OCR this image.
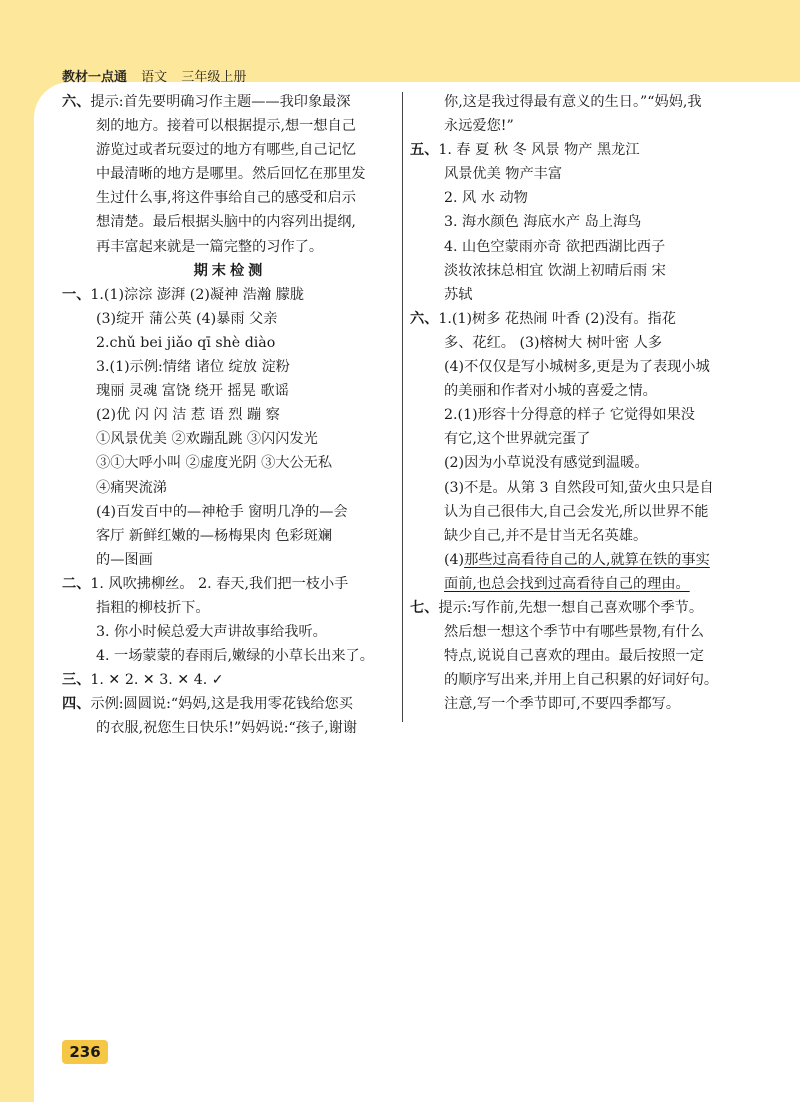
教材一点通 语文 三年级上册
六、提示:首先要明确习作主题——我印象最深
刻的地方。接着可以根据提示,想一想自己
游览过或者玩耍过的地方有哪些,自己记忆
中最清晰的地方是哪里。然后回忆在那里发
生过什么事,将这件事给自己的感受和启示
想清楚。最后根据头脑中的内容列出提纲,
再丰富起来就是一篇完整的习作了。
期末检测
一、1.(1)淙淙 澎湃 (2)凝神 浩瀚 朦胧
(3)绽开 蒲公英 (4)暴雨 父亲
2.chǔ bei jiǎo qī shè diào
3.(1)示例:情绪 诸位 绽放 淀粉
瑰丽 灵魂 富饶 绕开 摇晃 歌谣
(2)优 闪 闪 洁 惹 语 烈 蹦 察
①风景优美 ②欢蹦乱跳 ③闪闪发光
③①大呼小叫 ②虚度光阴 ③大公无私
④痛哭流涕
(4)百发百中的—神枪手 窗明几净的—会
客厅 新鲜红嫩的—杨梅果肉 色彩斑斓
的—图画
二、1. 风吹拂柳丝。 2. 春天,我们把一枝小手
指粗的柳枝折下。
3. 你小时候总爱大声讲故事给我听。
4. 一场蒙蒙的春雨后,嫩绿的小草长出来了。
三、1. ✕ 2. ✕ 3. ✕ 4. ✓
四、示例:圆圆说:“妈妈,这是我用零花钱给您买
的衣服,祝您生日快乐!”妈妈说:“孩子,谢谢
你,这是我过得最有意义的生日。”“妈妈,我
永远爱您!”
五、1. 春 夏 秋 冬 风景 物产 黑龙江
风景优美 物产丰富
2. 风 水 动物
3. 海水颜色 海底水产 岛上海鸟
4. 山色空蒙雨亦奇 欲把西湖比西子
淡妆浓抹总相宜 饮湖上初晴后雨 宋
苏轼
六、1.(1)树多 花热闹 叶香 (2)没有。指花
多、花红。 (3)榕树大 树叶密 人多
(4)不仅仅是写小城树多,更是为了表现小城
的美丽和作者对小城的喜爱之情。
2.(1)形容十分得意的样子 它觉得如果没
有它,这个世界就完蛋了
(2)因为小草说没有感觉到温暖。
(3)不是。从第 3 自然段可知,萤火虫只是自
认为自己很伟大,自己会发光,所以世界不能
缺少自己,并不是甘当无名英雄。
(4)那些过高看待自己的人,就算在铁的事实
面前,也总会找到过高看待自己的理由。
七、提示:写作前,先想一想自己喜欢哪个季节。
然后想一想这个季节中有哪些景物,有什么
特点,说说自己喜欢的理由。最后按照一定
的顺序写出来,并用上自己积累的好词好句。
注意,写一个季节即可,不要四季都写。
236
